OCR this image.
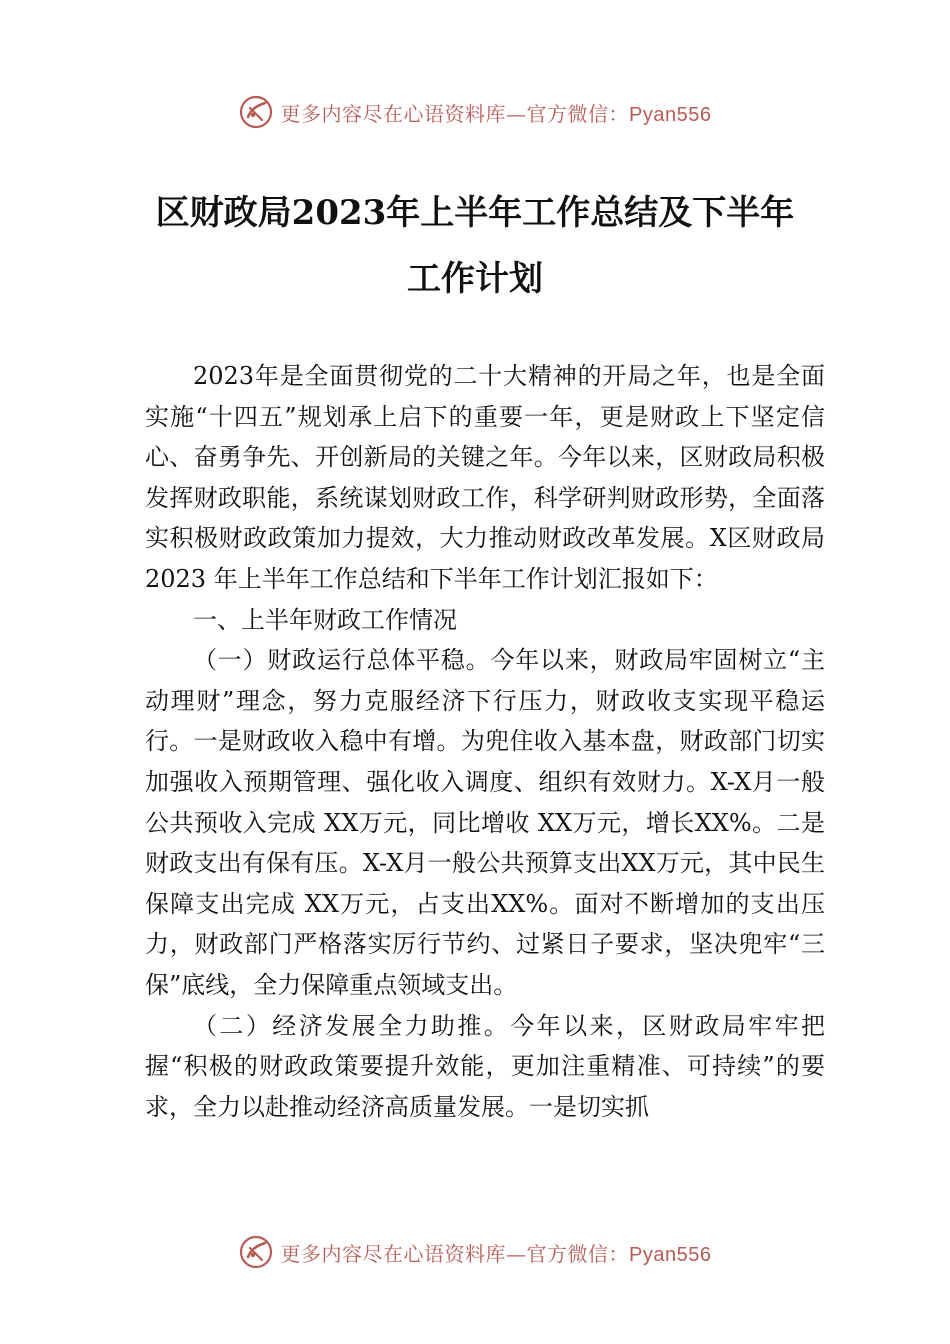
更多内容尽在心语资料库—官方微信：Pyan556
区财政局2023年上半年工作总结及下半年
工作计划

2023年是全面贯彻党的二十大精神的开局之年，也是全面实施“十四五”规划承上启下的重要一年，更是财政上下坚定信心、奋勇争先、开创新局的关键之年。今年以来，区财政局积极发挥财政职能，系统谋划财政工作，科学研判财政形势，全面落实积极财政政策加力提效，大力推动财政改革发展。X区财政局 2023 年上半年工作总结和下半年工作计划汇报如下：

一、上半年财政工作情况

（一）财政运行总体平稳。今年以来，财政局牢固树立“主动理财”理念，努力克服经济下行压力，财政收支实现平稳运行。一是财政收入稳中有增。为兜住收入基本盘，财政部门切实加强收入预期管理、强化收入调度、组织有效财力。X-X月一般公共预收入完成 XX万元，同比增收 XX万元，增长XX%。二是财政支出有保有压。X-X月一般公共预算支出XX万元，其中民生保障支出完成 XX万元，占支出XX%。面对不断增加的支出压力，财政部门严格落实厉行节约、过紧日子要求，坚决兜牢“三保”底线，全力保障重点领域支出。

（二）经济发展全力助推。今年以来，区财政局牢牢把握“积极的财政政策要提升效能，更加注重精准、可持续”的要求，全力以赴推动经济高质量发展。一是切实抓

更多内容尽在心语资料库—官方微信：Pyan556
